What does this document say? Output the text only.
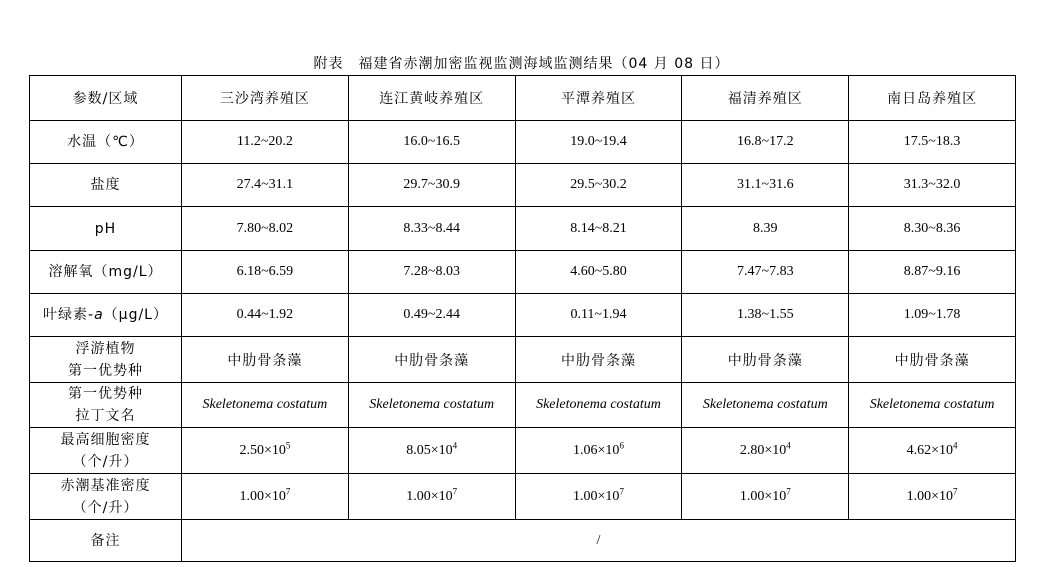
附表　福建省赤潮加密监视监测海域监测结果（04 月 08 日）
参数/区域	三沙湾养殖区	连江黄岐养殖区	平潭养殖区	福清养殖区	南日岛养殖区
水温（℃）	11.2~20.2	16.0~16.5	19.0~19.4	16.8~17.2	17.5~18.3
盐度	27.4~31.1	29.7~30.9	29.5~30.2	31.1~31.6	31.3~32.0
pH	7.80~8.02	8.33~8.44	8.14~8.21	8.39	8.30~8.36
溶解氧（mg/L）	6.18~6.59	7.28~8.03	4.60~5.80	7.47~7.83	8.87~9.16
叶绿素-a（μg/L）	0.44~1.92	0.49~2.44	0.11~1.94	1.38~1.55	1.09~1.78

浮游植物
第一优势种	中肋骨条藻	中肋骨条藻	中肋骨条藻	中肋骨条藻	中肋骨条藻

第一优势种
拉丁文名	Skeletonema costatum	Skeletonema costatum	Skeletonema costatum	Skeletonema costatum	Skeletonema costatum

最高细胞密度
（个/升）	$2.50\times 10^5$	$8.05\times 10^4$	$1.06\times 10^6$	$2.80\times 10^4$	$4.62\times 10^4$

赤潮基准密度
（个/升）	$1.00\times 10^7$	$1.00\times 10^7$	$1.00\times 10^7$	$1.00\times 10^7$	$1.00\times 10^7$
备注	/				
